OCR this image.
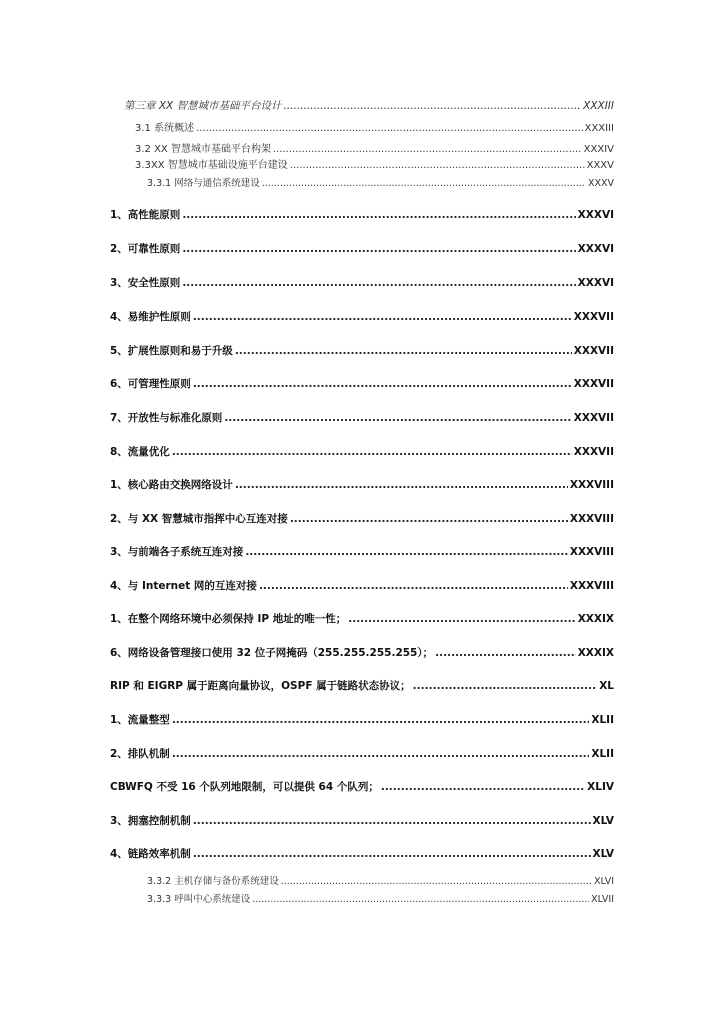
第三章 XX 智慧城市基础平台设计 .....	XXXIII
3.1 系统概述 .....	XXXIII
3.2 XX 智慧城市基础平台构架 .....	XXXIV
3.3XX 智慧城市基础设施平台建设 .....	XXXV
3.3.1 网络与通信系统建设 .....	XXXV
1、高性能原则 .....	XXXVI
2、可靠性原则 .....	XXXVI
3、安全性原则 .....	XXXVI
4、易维护性原则 .....	XXXVII
5、扩展性原则和易于升级 .....	XXXVII
6、可管理性原则 .....	XXXVII
7、开放性与标准化原则 .....	XXXVII
8、流量优化 .....	XXXVII
1、核心路由交换网络设计 .....	XXXVIII
2、与 XX 智慧城市指挥中心互连对接 .....	XXXVIII
3、与前端各子系统互连对接 .....	XXXVIII
4、与 Internet 网的互连对接 .....	XXXVIII
1、在整个网络环境中必须保持 IP 地址的唯一性； .....	XXXIX
6、网络设备管理接口使用 32 位子网掩码（255.255.255.255）； .....	XXXIX
RIP 和 EIGRP 属于距离向量协议，OSPF 属于链路状态协议； .....	XL
1、流量整型 .....	XLII
2、排队机制 .....	XLII
CBWFQ 不受 16 个队列地限制，可以提供 64 个队列； .....	XLIV
3、拥塞控制机制 .....	XLV
4、链路效率机制 .....	XLV
3.3.2 主机存储与备份系统建设 .....	XLVI
3.3.3 呼叫中心系统建设 .....	XLVII
